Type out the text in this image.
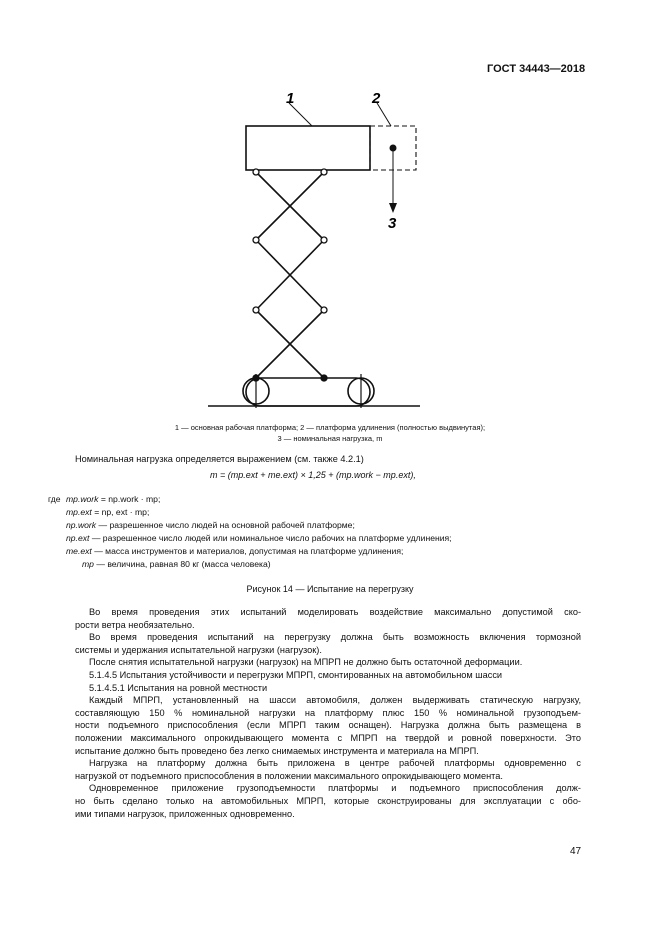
ГОСТ 34443—2018
1	2
3
1 — основная рабочая платформа; 2 — платформа удлинения (полностью выдвинутая);
3 — номинальная нагрузка, m
Номинальная нагрузка определяется выражением (см. также 4.2.1)
m = (mp.ext + me.ext) × 1,25 + (mp.work − mp.ext),
где mp.work = np.work · mp;
mp.ext = np, ext · mp;
np.work — разрешенное число людей на основной рабочей платформе;
np.ext — разрешенное число людей или номинальное число рабочих на платформе удлинения;
me.ext — масса инструментов и материалов, допустимая на платформе удлинения;
mp — величина, равная 80 кг (масса человека)
Рисунок 14 — Испытание на перегрузку
Во время проведения этих испытаний моделировать воздействие максимально допустимой ско-
рости ветра необязательно.
Во время проведения испытаний на перегрузку должна быть возможность включения тормозной
системы и удержания испытательной нагрузки (нагрузок).
После снятия испытательной нагрузки (нагрузок) на МПРП не должно быть остаточной деформации.
5.1.4.5 Испытания устойчивости и перегрузки МПРП, смонтированных на автомобильном шасси
5.1.4.5.1 Испытания на ровной местности
Каждый МПРП, установленный на шасси автомобиля, должен выдерживать статическую нагрузку,
составляющую 150 % номинальной нагрузки на платформу плюс 150 % номинальной грузоподъем-
ности подъемного приспособления (если МПРП таким оснащен). Нагрузка должна быть размещена в
положении максимального опрокидывающего момента с МПРП на твердой и ровной поверхности. Это
испытание должно быть проведено без легко снимаемых инструмента и материала на МПРП.
Нагрузка на платформу должна быть приложена в центре рабочей платформы одновременно с
нагрузкой от подъемного приспособления в положении максимального опрокидывающего момента.
Одновременное приложение грузоподъемности платформы и подъемного приспособления долж-
но быть сделано только на автомобильных МПРП, которые сконструированы для эксплуатации с обо-
ими типами нагрузок, приложенных одновременно.
47
